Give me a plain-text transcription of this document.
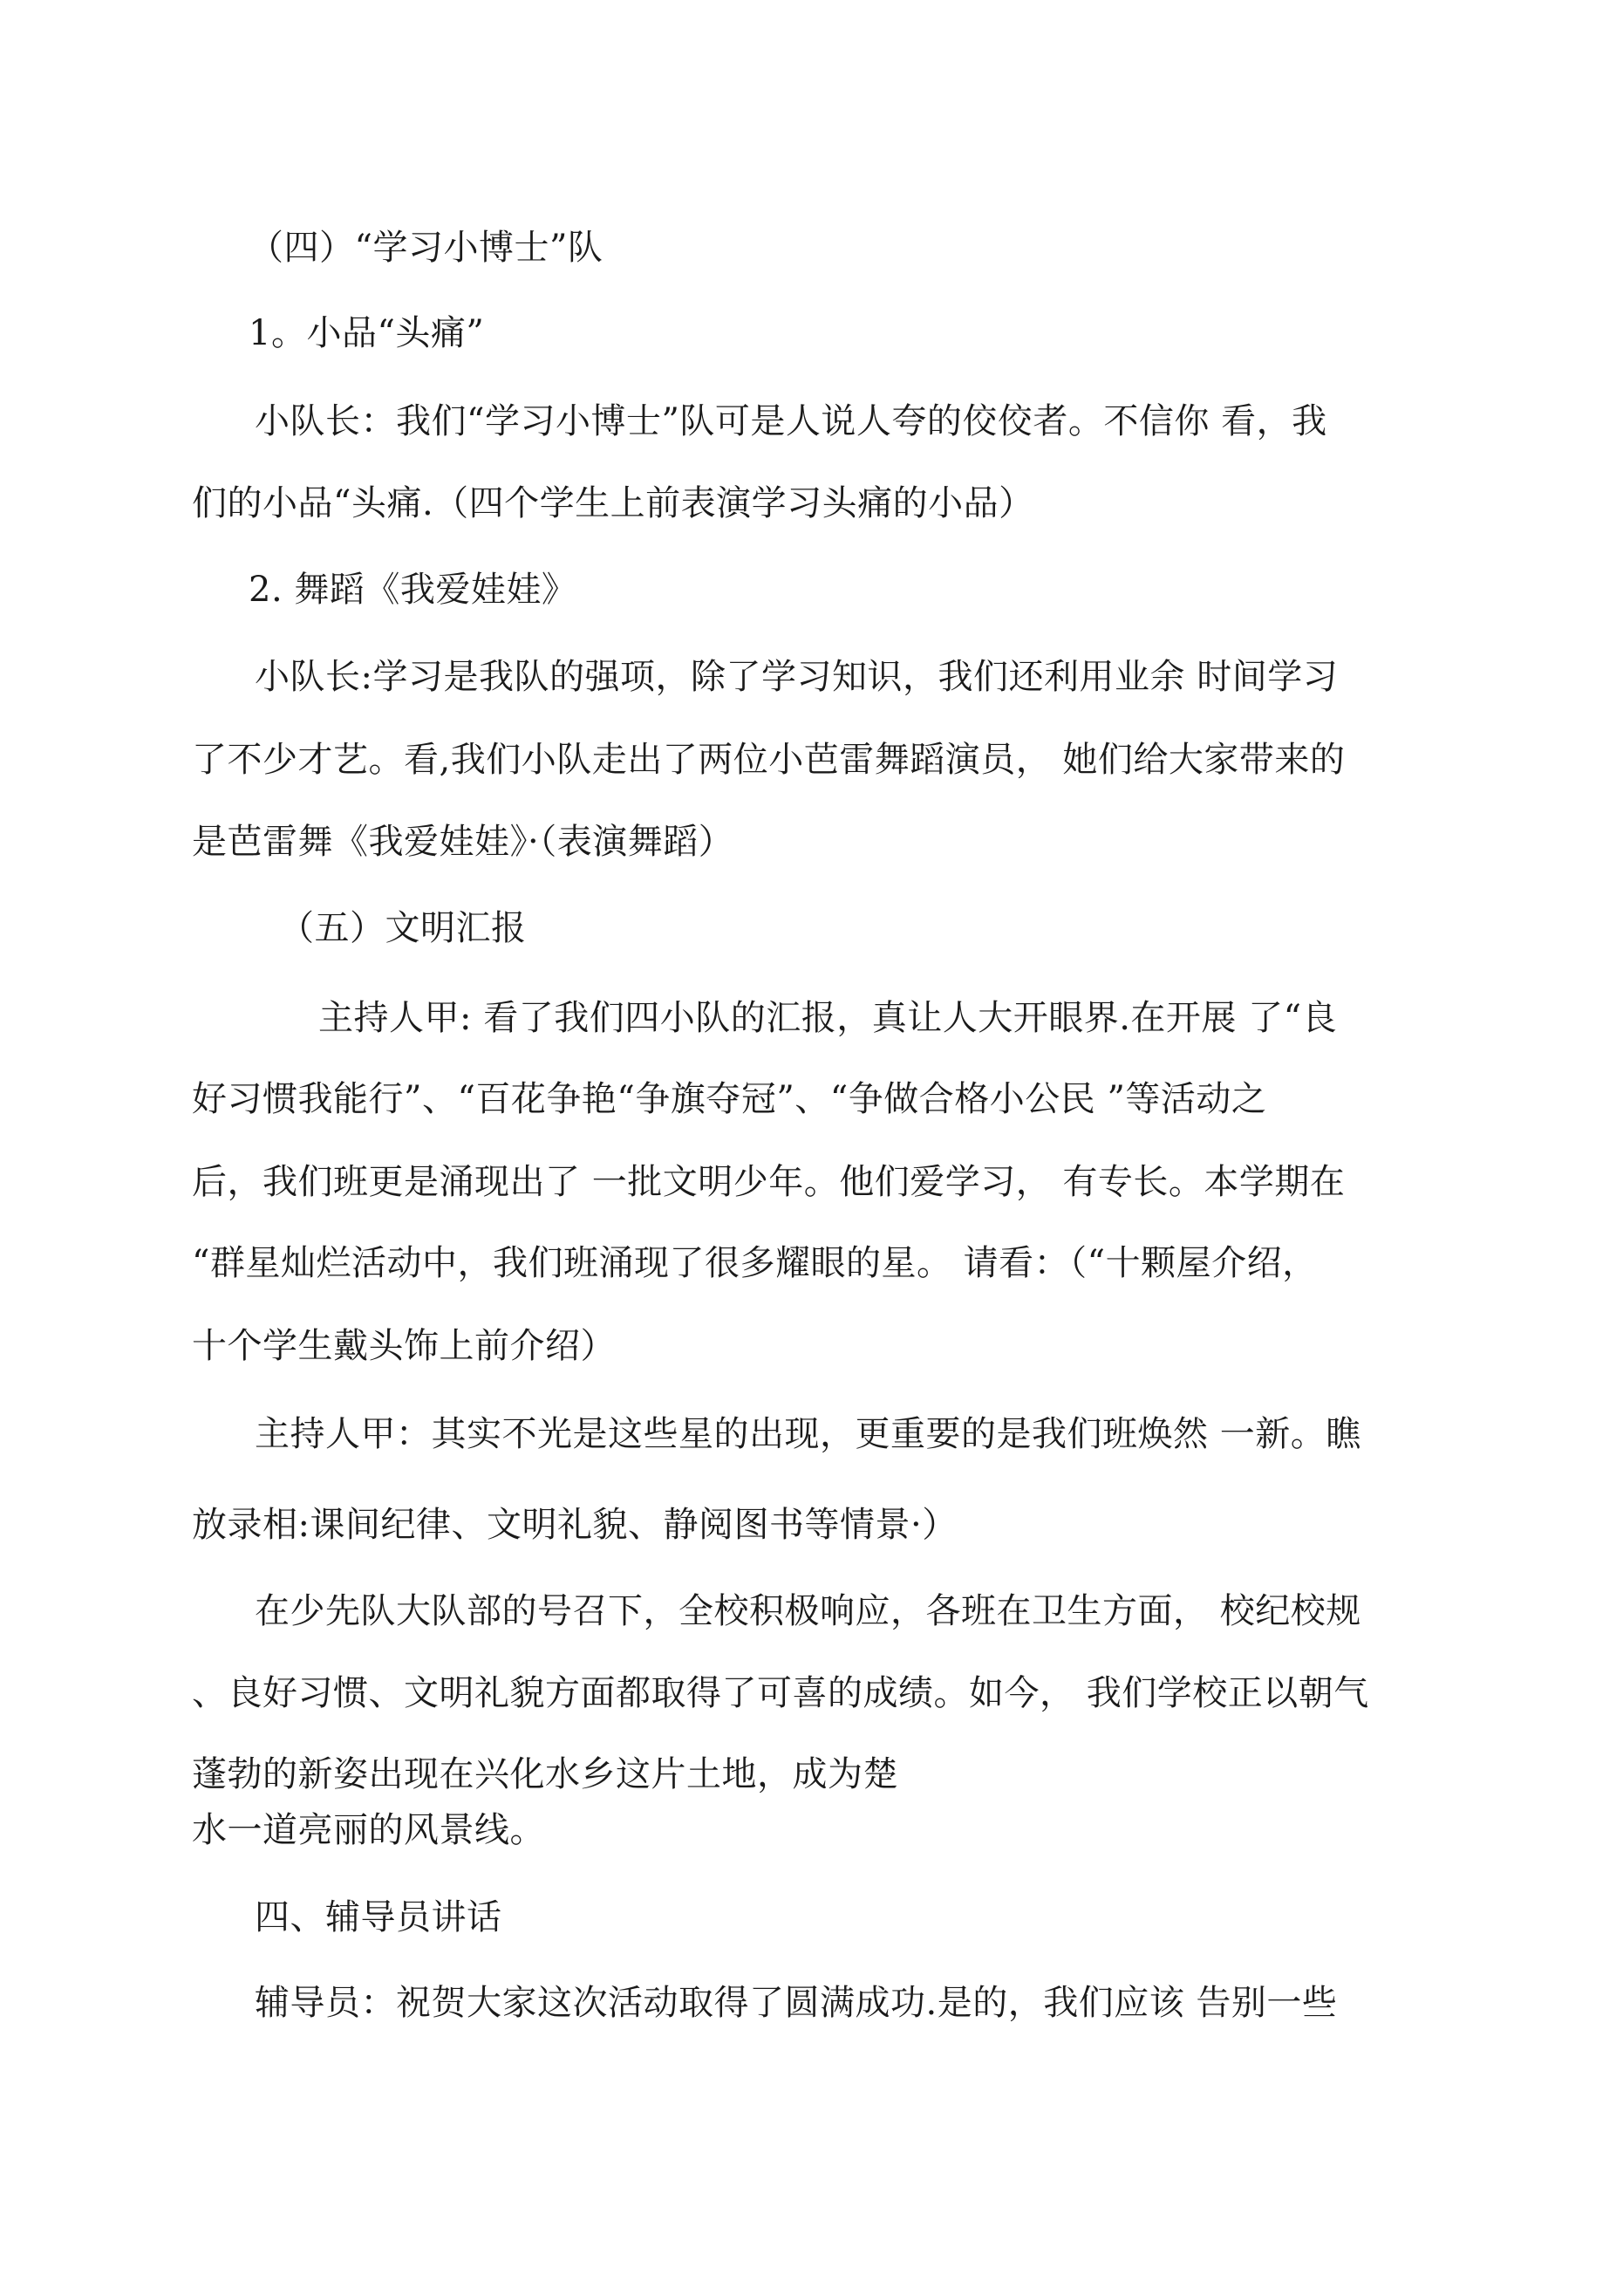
（四）“学习小博士”队
1。小品“头痛”
小队长：我们“学习小博士”队可是人说人夸的佼佼者。不信你 看，我
们的小品“头痛.（四个学生上前表演学习头痛的小品）
2. 舞蹈《我爱娃娃》
小队长:学习是我队的强项，除了学习知识，我们还利用业余 时间学习
了不少才艺。看,我们小队走出了两位小芭雷舞蹈演员， 她们给大家带来的
是芭雷舞《我爱娃娃》·（表演舞蹈）
（五）文明汇报
主持人甲: 看了我们四小队的汇报，真让人大开眼界.在开展 了“良
好习惯我能行”、“百花争艳“争旗夺冠”、“争做合格小公民 ”等活动之
后，我们班更是涌现出了 一批文明少年。他们爱学习， 有专长。本学期在
“群星灿烂活动中，我们班涌现了很多耀眼的星。 请看：（“十颗屋介绍，
十个学生戴头饰上前介绍）
主持人甲：其实不光是这些星的出现，更重要的是我们班焕然 一新。瞧
放录相:课间纪律、文明礼貌、静阅图书等情景·）
在少先队大队部的号召下，全校积极响应，各班在卫生方面， 校纪校规
、良好习惯、文明礼貌方面都取得了可喜的成绩。如今， 我们学校正以朝气
蓬勃的新姿出现在兴化水乡这片土地，成为楚
水一道亮丽的风景线。
四、辅导员讲话
辅导员：祝贺大家这次活动取得了圆满成功.是的，我们应该 告别一些
